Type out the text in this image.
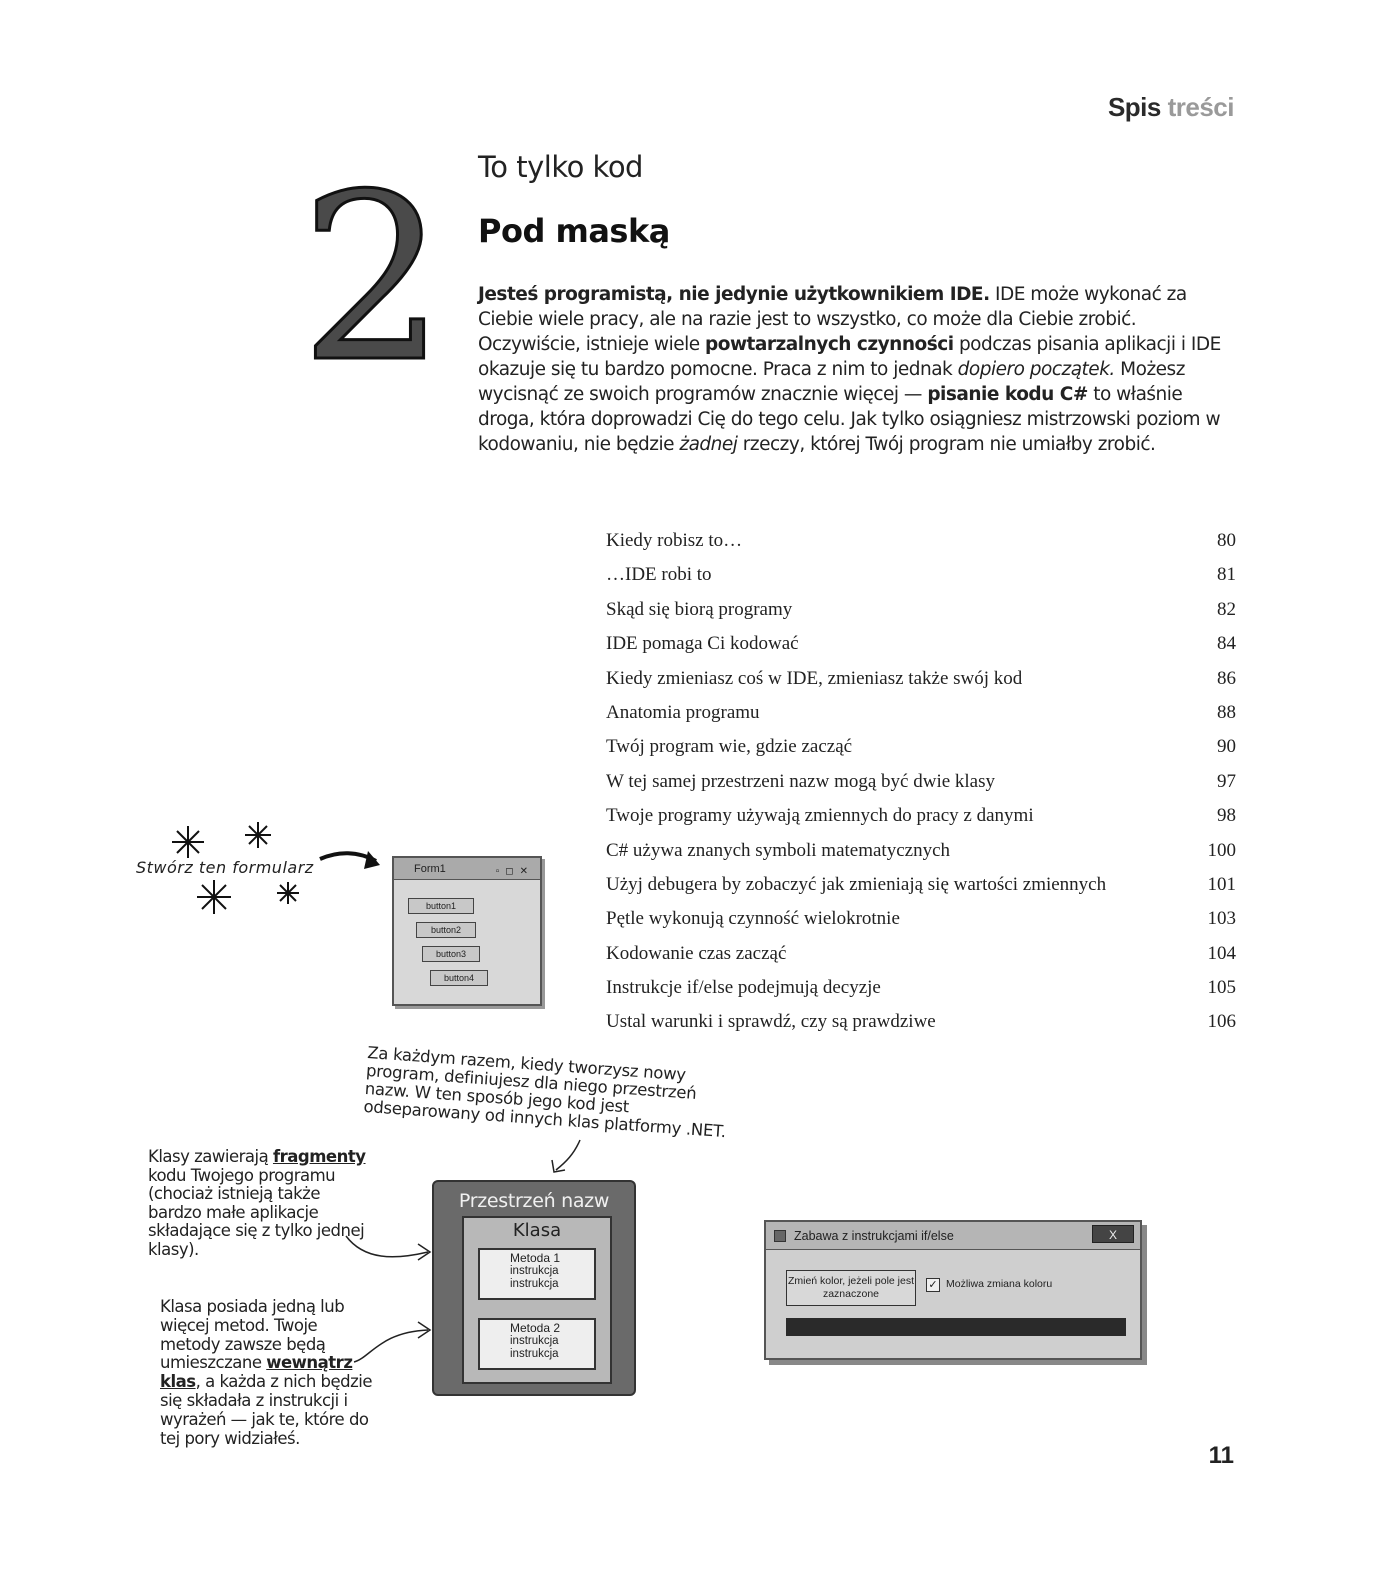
Spis treści
2 To tylko kod
Pod maską
Jesteś programistą, nie jedynie użytkownikiem IDE. IDE może wykonać za Ciebie wiele pracy, ale na razie jest to wszystko, co może dla Ciebie zrobić. Oczywiście, istnieje wiele powtarzalnych czynności podczas pisania aplikacji i IDE okazuje się tu bardzo pomocne. Praca z nim to jednak dopiero początek. Możesz wycisnąć ze swoich programów znacznie więcej — pisanie kodu C# to właśnie droga, która doprowadzi Cię do tego celu. Jak tylko osiągniesz mistrzowski poziom w kodowaniu, nie będzie żadnej rzeczy, której Twój program nie umiałby zrobić.
Kiedy robisz to…	80
…IDE robi to	81
Skąd się biorą programy	82
IDE pomaga Ci kodować	84
Kiedy zmieniasz coś w IDE, zmieniasz także swój kod	86
Anatomia programu	88
Twój program wie, gdzie zacząć	90
W tej samej przestrzeni nazw mogą być dwie klasy	97
Twoje programy używają zmiennych do pracy z danymi	98
C# używa znanych symboli matematycznych	100
Użyj debugera by zobaczyć jak zmieniają się wartości zmiennych	101
Pętle wykonują czynność wielokrotnie	103
Kodowanie czas zacząć	104
Instrukcje if/else podejmują decyzje	105
Ustal warunki i sprawdź, czy są prawdziwe	106
Stwórz ten formularz	Form1	▫◻✕
button1
button2
button3
button4
Za każdym razem, kiedy tworzysz nowy program, definiujesz dla niego przestrzeń nazw. W ten sposób jego kod jest odseparowany od innych klas platformy .NET.
Klasy zawierają fragmenty kodu Twojego programu (chociaż istnieją także bardzo małe aplikacje składające się z tylko jednej klasy).
Klasa posiada jedną lub więcej metod. Twoje metody zawsze będą umieszczane wewnątrz klas, a każda z nich będzie się składała z instrukcji i wyrażeń — jak te, które do tej pory widziałeś.
Przestrzeń nazw
Klasa
Metoda 1
instrukcja
instrukcja
Metoda 2
instrukcja
instrukcja
Zabawa z instrukcjami if/else	X
Zmień kolor, jeżeli pole jest zaznaczone
✓ Możliwa zmiana koloru
11
